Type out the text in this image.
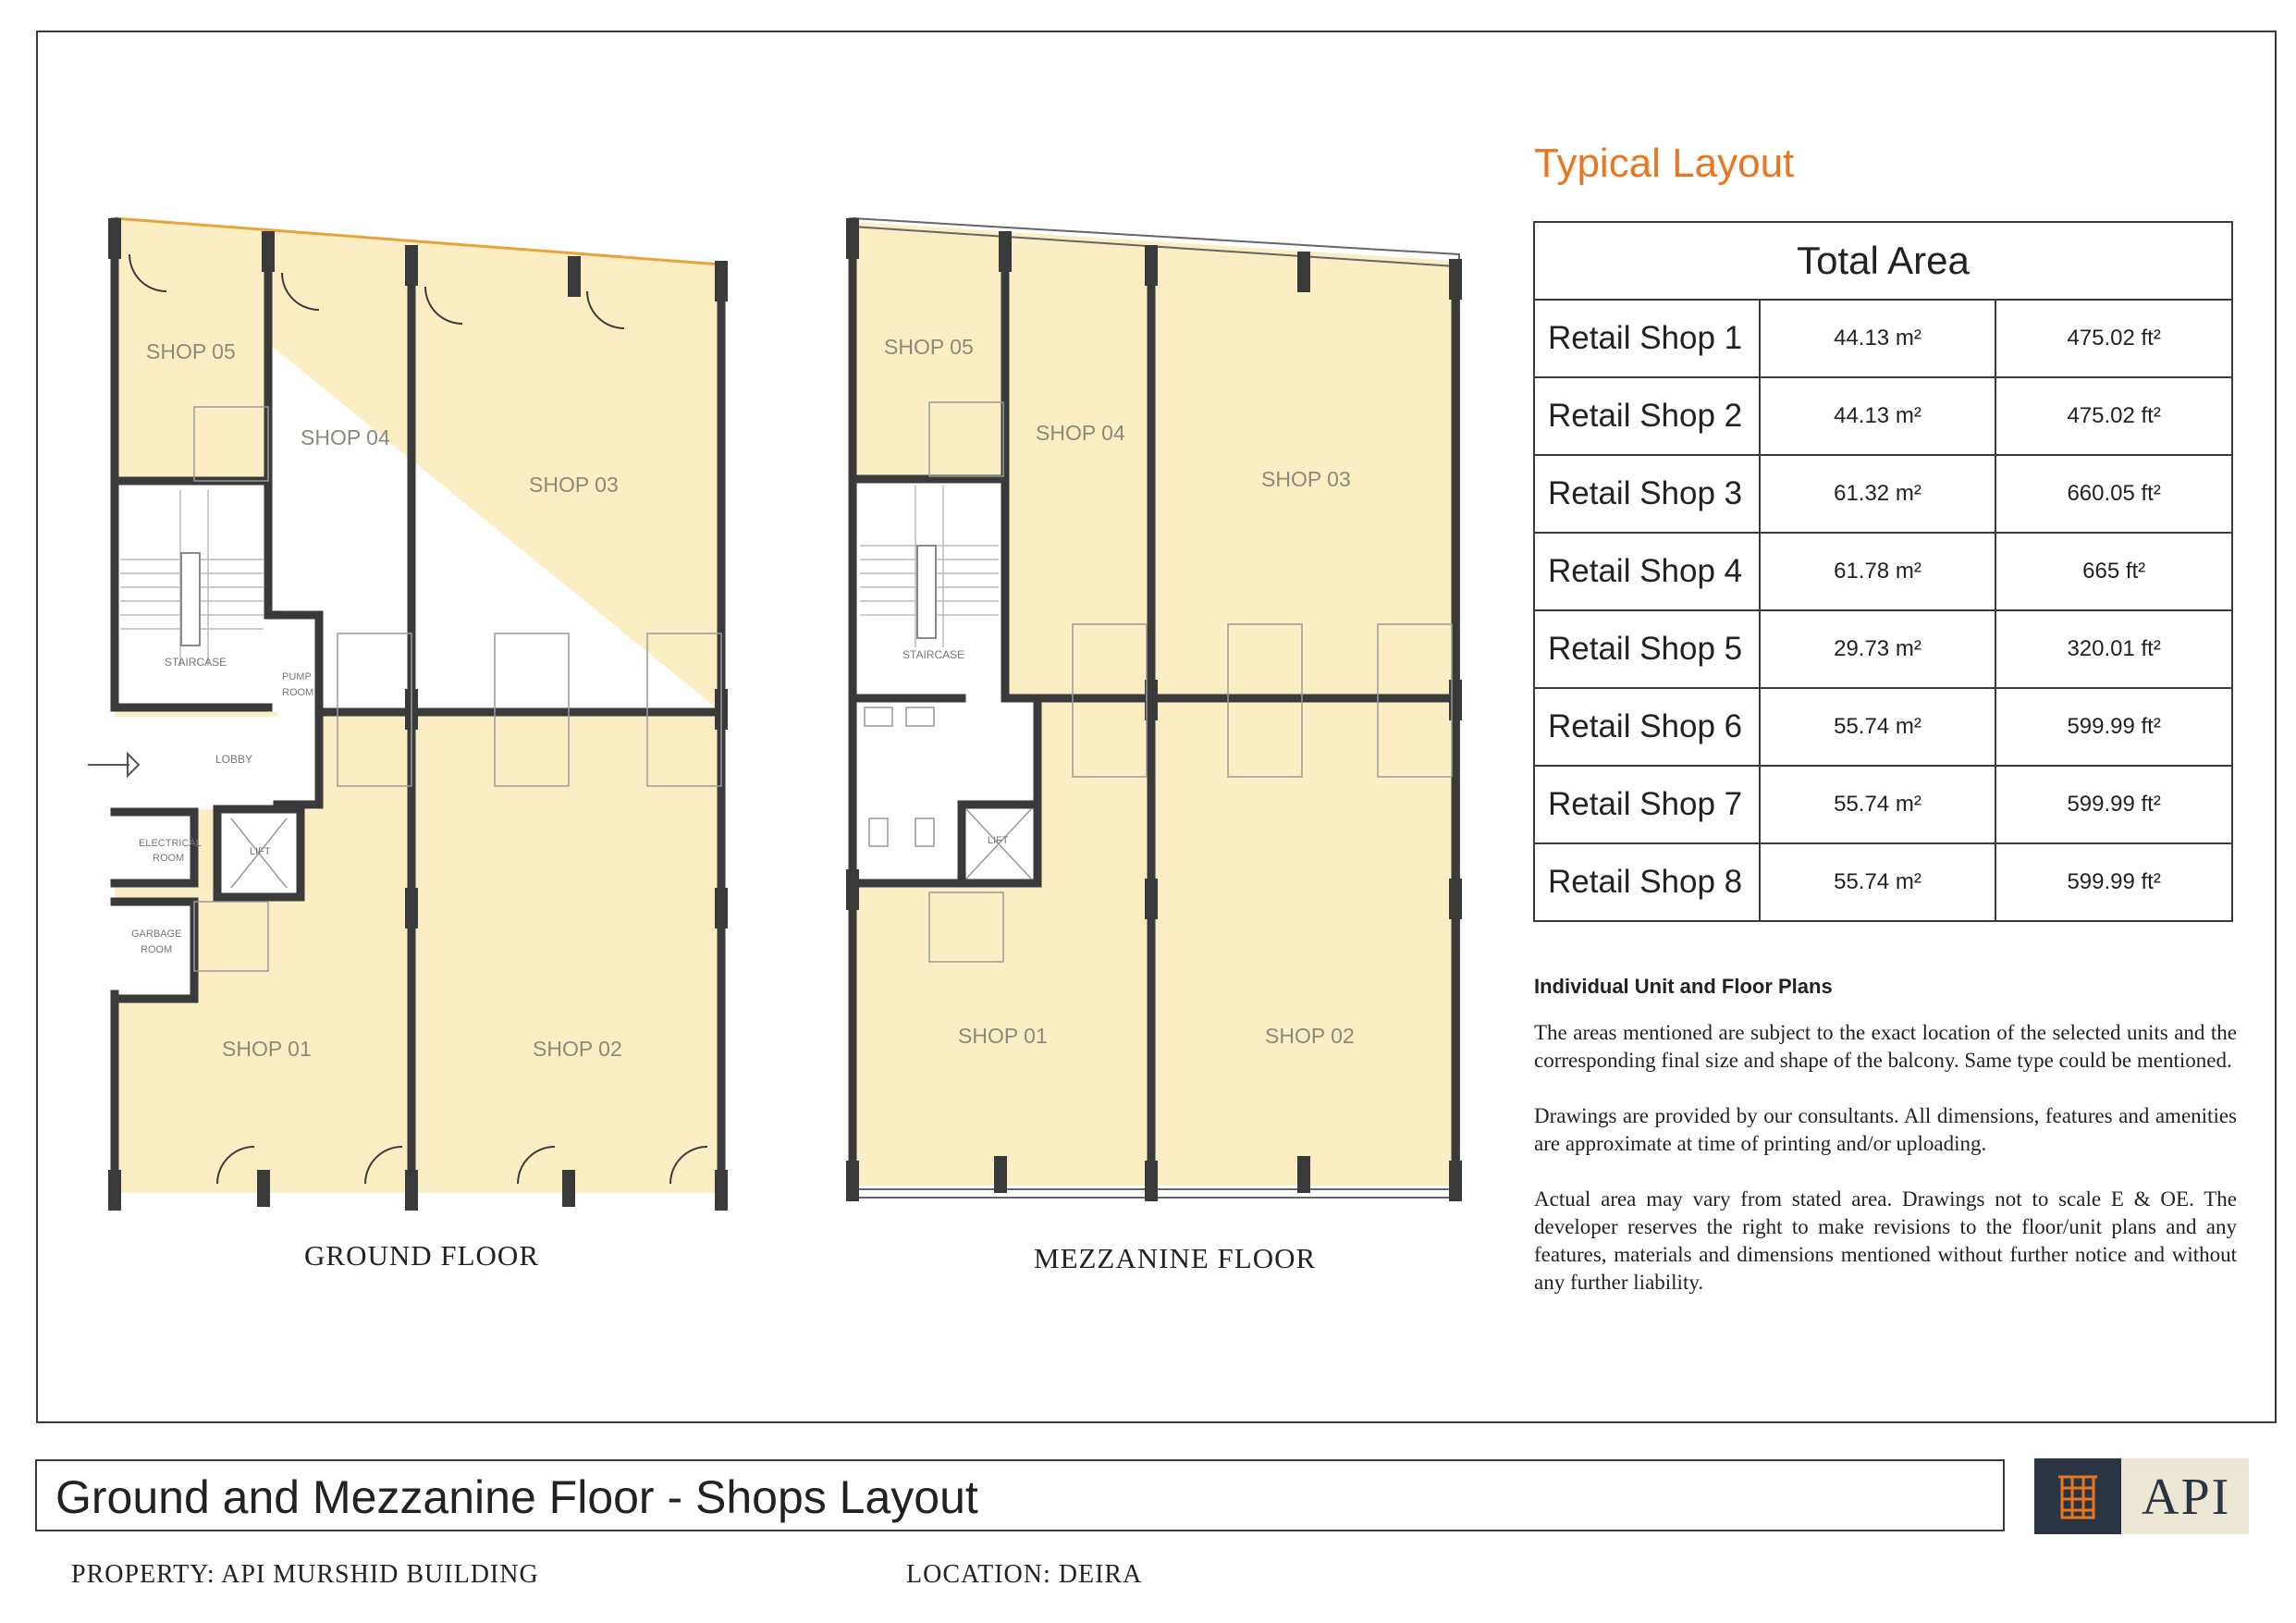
SHOP 05
SHOP 04
SHOP 03
SHOP 01	SHOP 02
STAIRCASE
PUMP
ROOM
LOBBY
ELECTRICAL
ROOM
LIFT
GARBAGE
ROOM
SHOP 05
SHOP 04
SHOP 03
SHOP 01	SHOP 02
STAIRCASE
LIFT
GROUND FLOOR	MEZZANINE FLOOR
Typical Layout
Total Area		
Retail Shop 1	44.13 m²	475.02 ft²
Retail Shop 2	44.13 m²	475.02 ft²
Retail Shop 3	61.32 m²	660.05 ft²
Retail Shop 4	61.78 m²	665 ft²
Retail Shop 5	29.73 m²	320.01 ft²
Retail Shop 6	55.74 m²	599.99 ft²
Retail Shop 7	55.74 m²	599.99 ft²
Retail Shop 8	55.74 m²	599.99 ft²
Individual Unit and Floor Plans

The areas mentioned are subject to the exact location of the selected units and the corresponding final size and shape of the balcony. Same type could be mentioned.

Drawings are provided by our consultants. All dimensions, features and amenities are approximate at time of printing and/or uploading.

Actual area may vary from stated area. Drawings not to scale E & OE. The developer reserves the right to make revisions to the floor/unit plans and any features, materials and dimensions mentioned without further notice and without any further liability.

Ground and Mezzanine Floor - Shops Layout	API
PROPERTY: API MURSHID BUILDING	LOCATION: DEIRA
